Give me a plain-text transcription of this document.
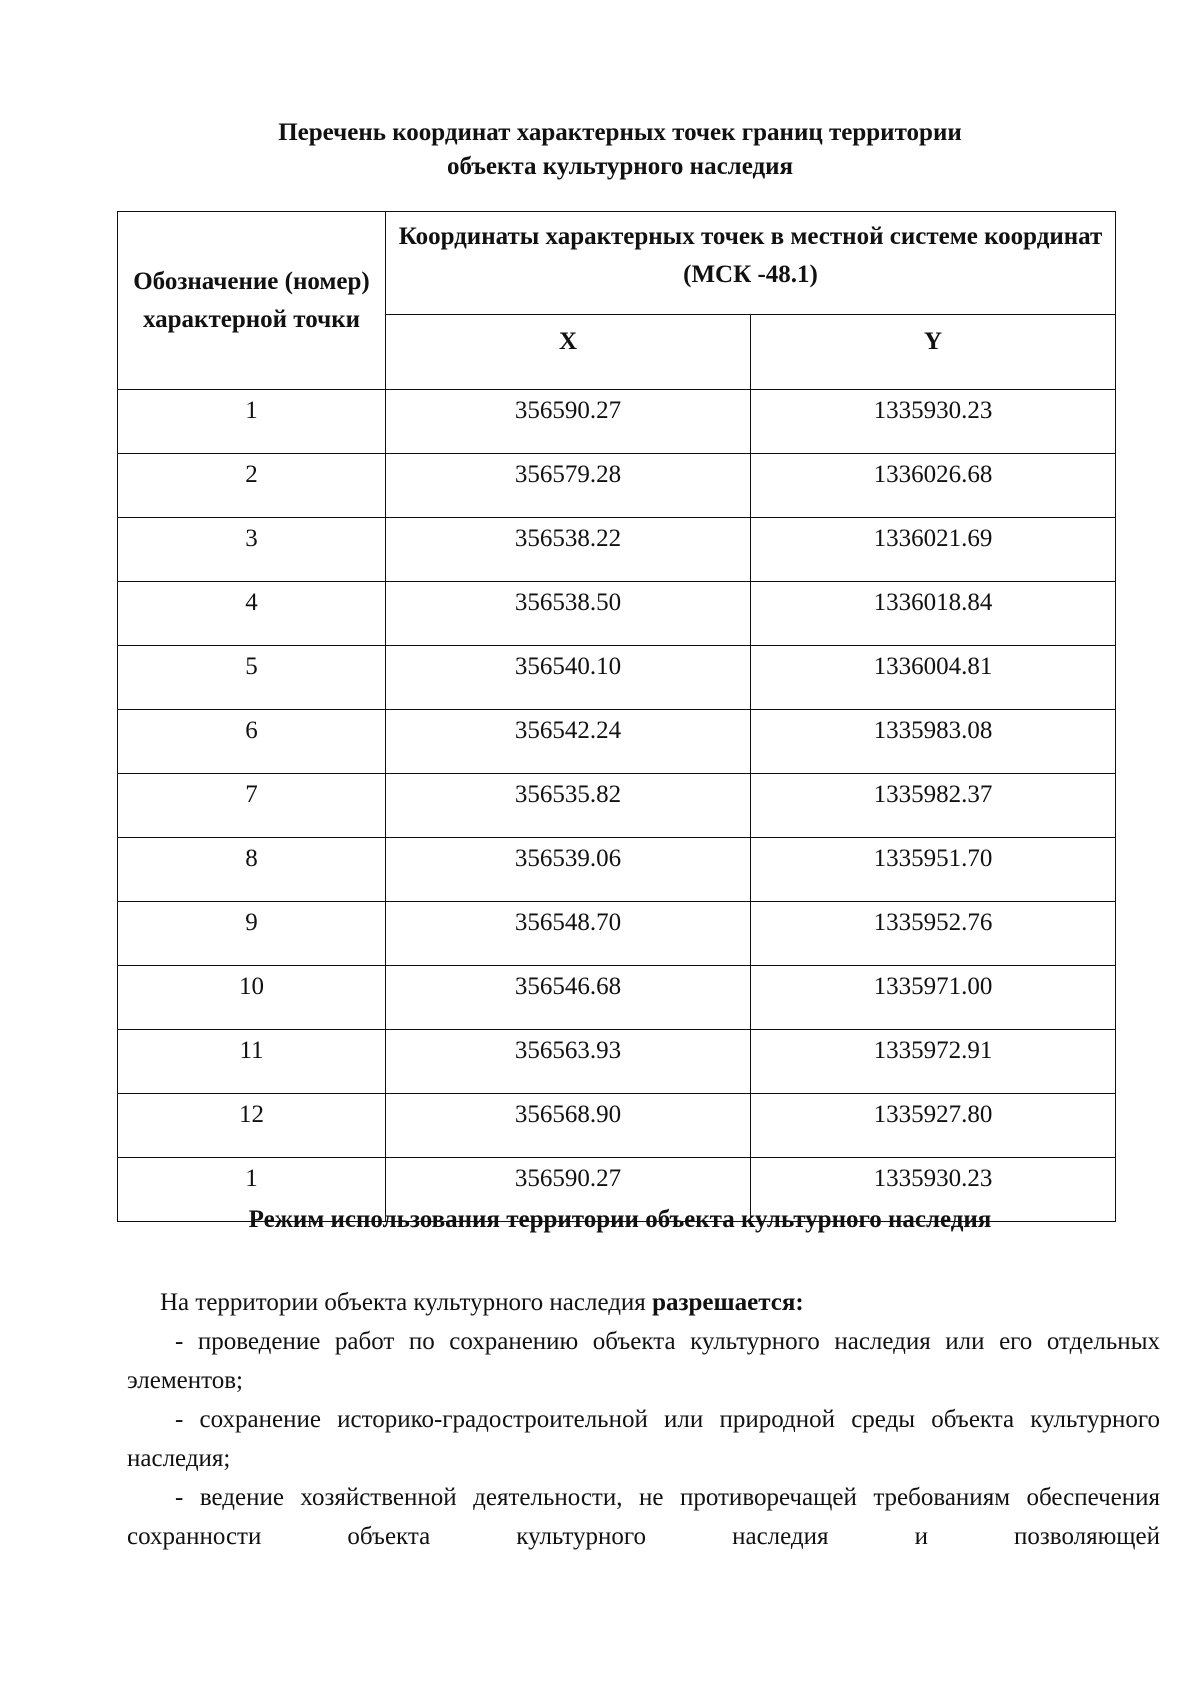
Перечень координат характерных точек границ территории
объекта культурного наследия
Обозначение (номер) характерной точки	Координаты характерных точек в местной системе координат (МСК -48.1)	
	X	Y
1	356590.27	1335930.23
2	356579.28	1336026.68
3	356538.22	1336021.69
4	356538.50	1336018.84
5	356540.10	1336004.81
6	356542.24	1335983.08
7	356535.82	1335982.37
8	356539.06	1335951.70
9	356548.70	1335952.76
10	356546.68	1335971.00
11	356563.93	1335972.91
12	356568.90	1335927.80
1	356590.27	1335930.23
Режим использования территории объекта культурного наследия

На территории объекта культурного наследия разрешается:

- проведение работ по сохранению объекта культурного наследия или его отдельных элементов;

- сохранение историко-градостроительной или природной среды объекта культурного наследия;

- ведение хозяйственной деятельности, не противоречащей требованиям обеспечения сохранности объекта культурного наследия и позволяющей
